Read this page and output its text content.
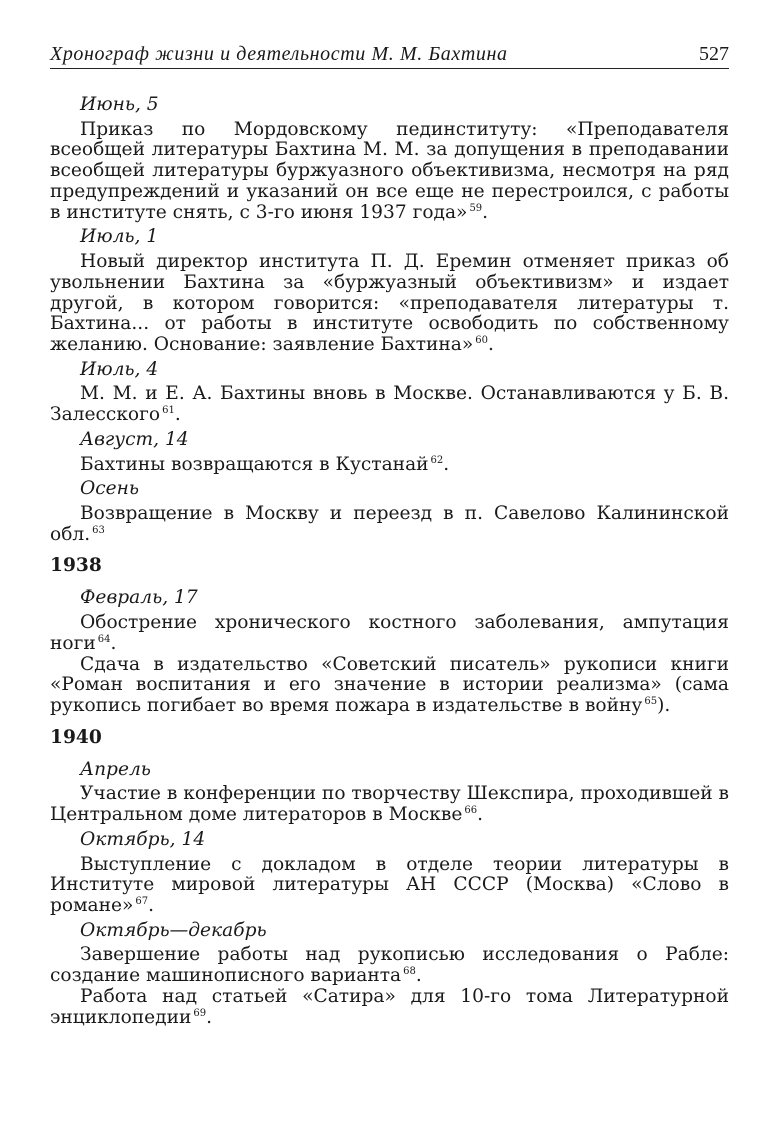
Хронограф жизни и деятельности М. М. Бахтина	527
Июнь, 5

Приказ по Мордовскому пединституту: «Преподавателя всеобщей литературы Бахтина М. М. за допущения в преподавании всеобщей литературы буржуазного объективизма, несмотря на ряд предупреждений и указаний он все еще не перестроился, с работы в институте снять, с 3-го июня 1937 года» $^{59}$.

Июль, 1

Новый директор института П. Д. Еремин отменяет приказ об увольнении Бахтина за «буржуазный объективизм» и издает другой, в котором говорится: «преподавателя литературы т. Бахтина... от работы в институте освободить по собственному желанию. Основание: заявление Бахтина» $^{60}$.

Июль, 4

М. М. и Е. А. Бахтины вновь в Москве. Останавливаются у Б. В. Залесского $^{61}$.

Август, 14

Бахтины возвращаются в Кустанай $^{62}$.

Осень

Возвращение в Москву и переезд в п. Савелово Калининской обл. $^{63}$

1938
Февраль, 17

Обострение хронического костного заболевания, ампутация ноги $^{64}$.

Сдача в издательство «Советский писатель» рукописи книги «Роман воспитания и его значение в истории реализма» (сама рукопись погибает во время пожара в издательстве в войну $^{65}$).

1940
Апрель

Участие в конференции по творчеству Шекспира, проходившей в Центральном доме литераторов в Москве $^{66}$.

Октябрь, 14

Выступление с докладом в отделе теории литературы в Институте мировой литературы АН СССР (Москва) «Слово в романе» $^{67}$.

Октябрь—декабрь

Завершение работы над рукописью исследования о Рабле: создание машинописного варианта $^{68}$.

Работа над статьей «Сатира» для 10-го тома Литературной энциклопедии $^{69}$.
